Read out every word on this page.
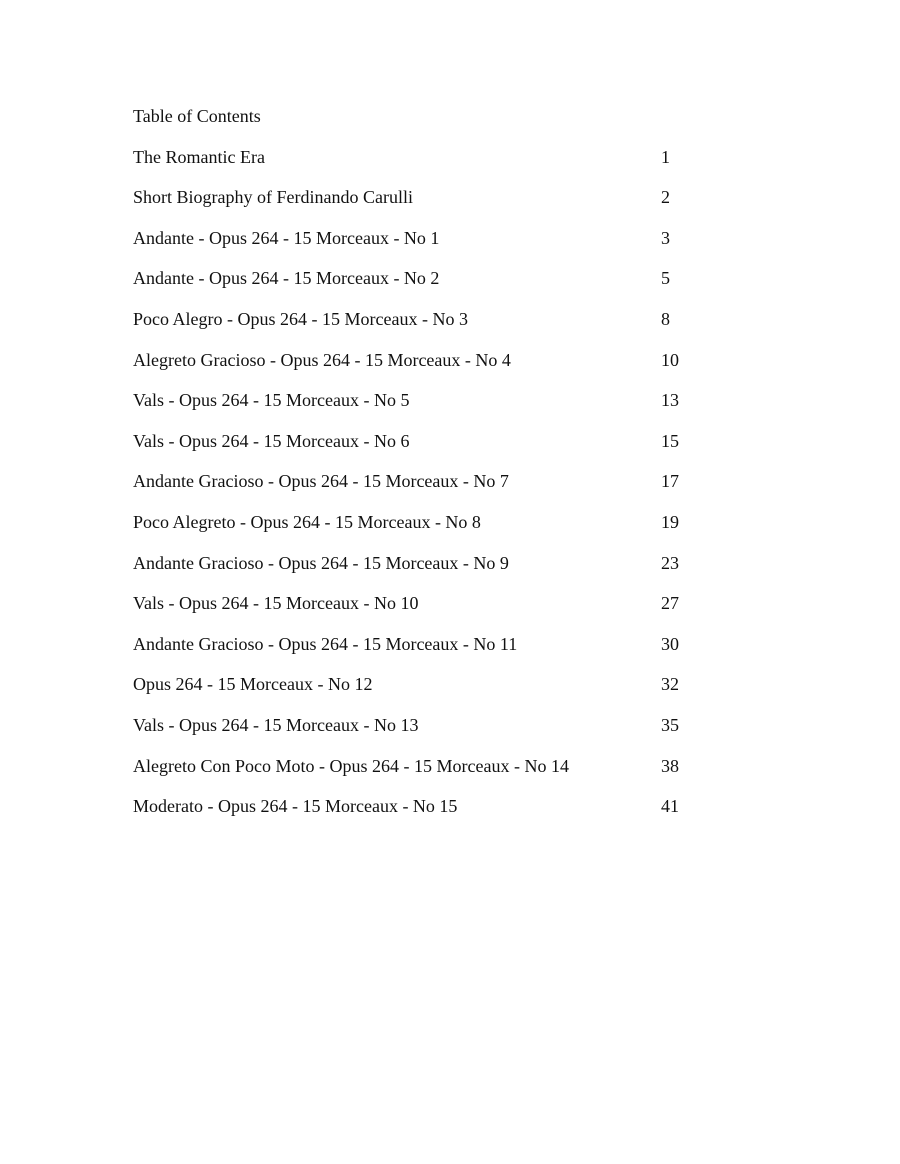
Table of Contents
The Romantic Era	1
Short Biography of Ferdinando Carulli	2
Andante - Opus 264 - 15 Morceaux - No 1	3
Andante - Opus 264 - 15 Morceaux - No 2	5
Poco Alegro - Opus 264 - 15 Morceaux - No 3	8
Alegreto Gracioso - Opus 264 - 15 Morceaux - No 4	10
Vals - Opus 264 - 15 Morceaux - No 5	13
Vals - Opus 264 - 15 Morceaux - No 6	15
Andante Gracioso - Opus 264 - 15 Morceaux - No 7	17
Poco Alegreto - Opus 264 - 15 Morceaux - No 8	19
Andante Gracioso - Opus 264 - 15 Morceaux - No 9	23
Vals - Opus 264 - 15 Morceaux - No 10	27
Andante Gracioso - Opus 264 - 15 Morceaux - No 11	30
Opus 264 - 15 Morceaux - No 12	32
Vals - Opus 264 - 15 Morceaux - No 13	35
Alegreto Con Poco Moto - Opus 264 - 15 Morceaux - No 14	38
Moderato - Opus 264 - 15 Morceaux - No 15	41
